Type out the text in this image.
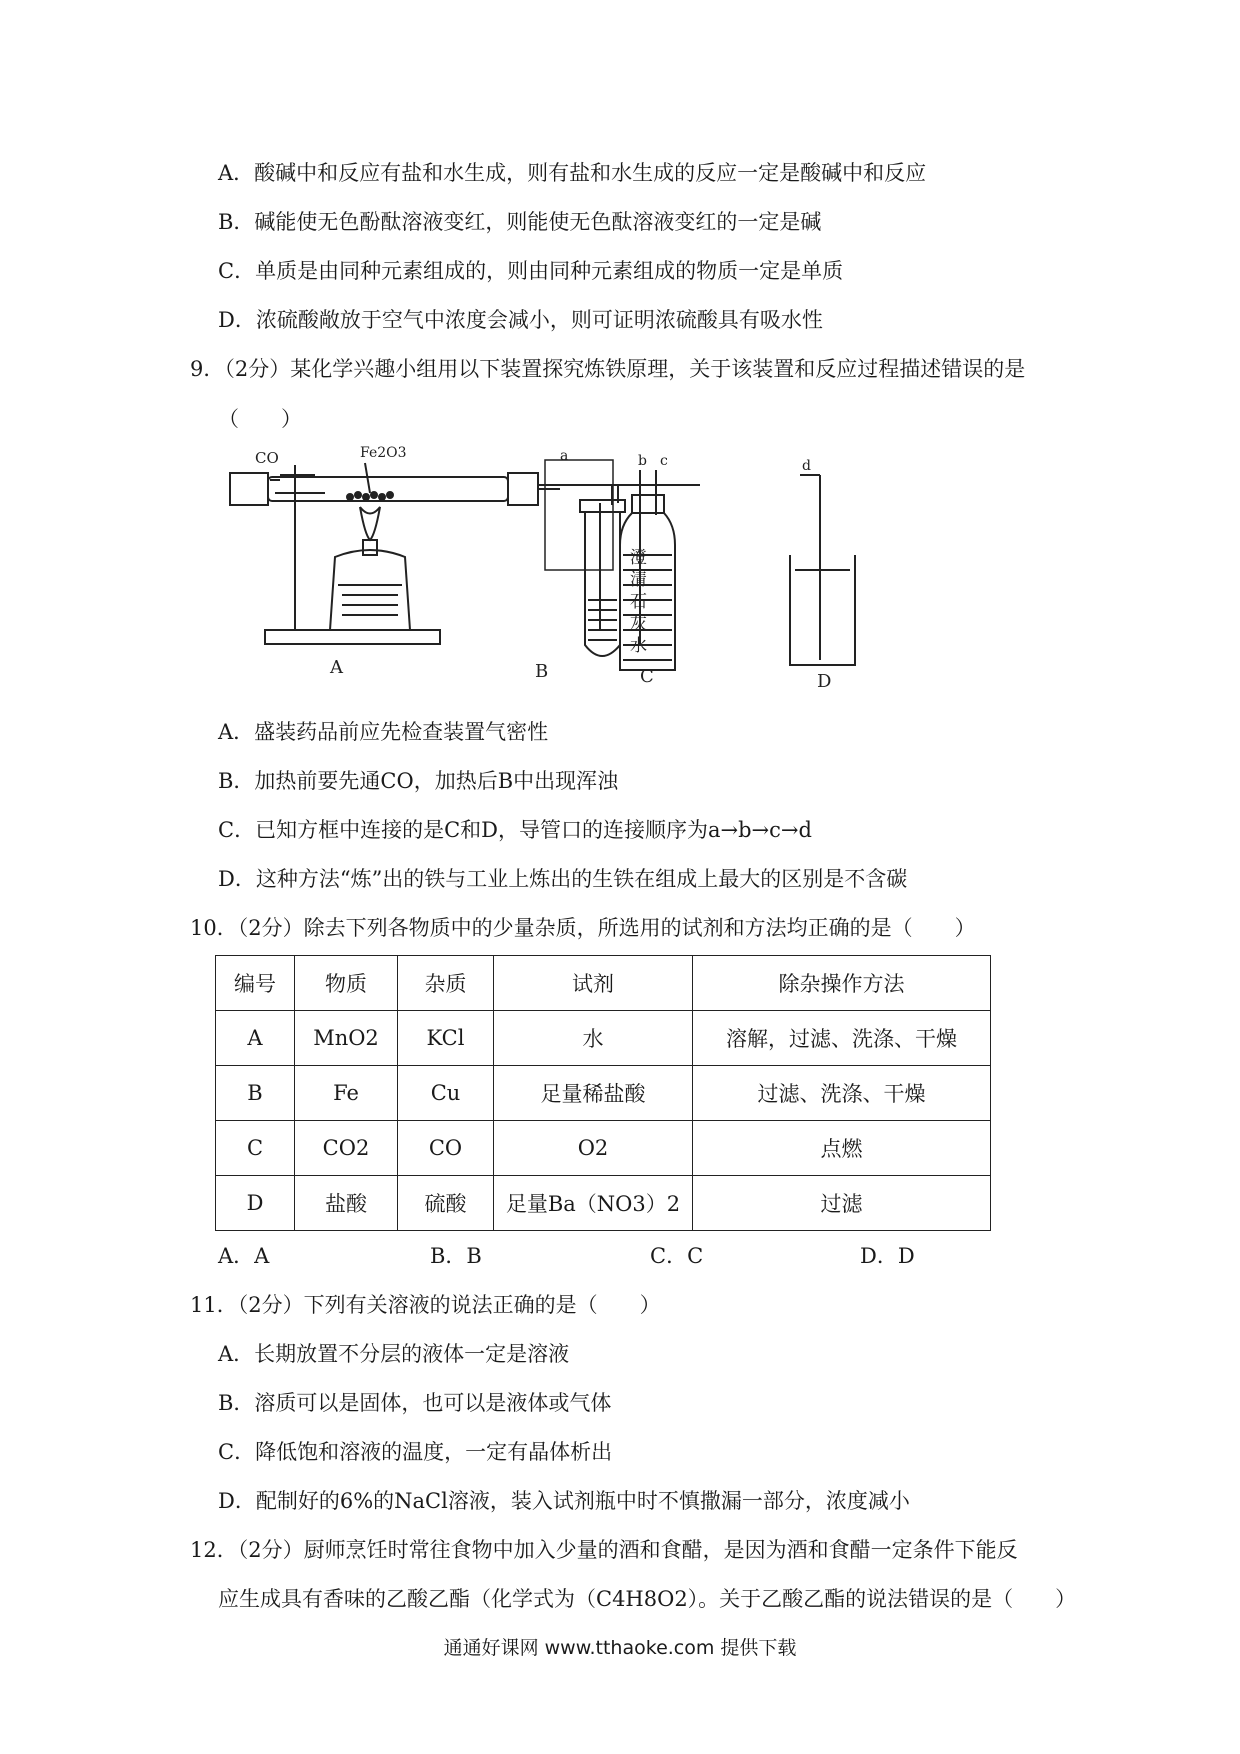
A．酸碱中和反应有盐和水生成，则有盐和水生成的反应一定是酸碱中和反应
B．碱能使无色酚酞溶液变红，则能使无色酞溶液变红的一定是碱
C．单质是由同种元素组成的，则由同种元素组成的物质一定是单质
D．浓硫酸敞放于空气中浓度会减小，则可证明浓硫酸具有吸水性
9．（2分）某化学兴趣小组用以下装置探究炼铁原理，关于该装置和反应过程描述错误的是
（　　）
CO	Fe2O3	a	b c	d
澄
清
石
灰
水
A	B	C	D
A．盛装药品前应先检查装置气密性
B．加热前要先通CO，加热后B中出现浑浊
C．已知方框中连接的是C和D，导管口的连接顺序为a→b→c→d
D．这种方法“炼”出的铁与工业上炼出的生铁在组成上最大的区别是不含碳
10．（2分）除去下列各物质中的少量杂质，所选用的试剂和方法均正确的是（　　）
编号	物质	杂质	试剂	除杂操作方法
A	MnO2	KCl	水	溶解，过滤、洗涤、干燥
B	Fe	Cu	足量稀盐酸	过滤、洗涤、干燥
C	CO2	CO	O2	点燃
D	盐酸	硫酸	足量Ba（NO3）2	过滤
A．A	B．B	C．C	D．D
11．（2分）下列有关溶液的说法正确的是（　　）
A．长期放置不分层的液体一定是溶液
B．溶质可以是固体，也可以是液体或气体
C．降低饱和溶液的温度，一定有晶体析出
D．配制好的6%的NaCl溶液，装入试剂瓶中时不慎撒漏一部分，浓度减小
12．（2分）厨师烹饪时常往食物中加入少量的酒和食醋，是因为酒和食醋一定条件下能反
应生成具有香味的乙酸乙酯（化学式为（C4H8O2）。关于乙酸乙酯的说法错误的是（　　）
通通好课网 www.tthaoke.com 提供下载
